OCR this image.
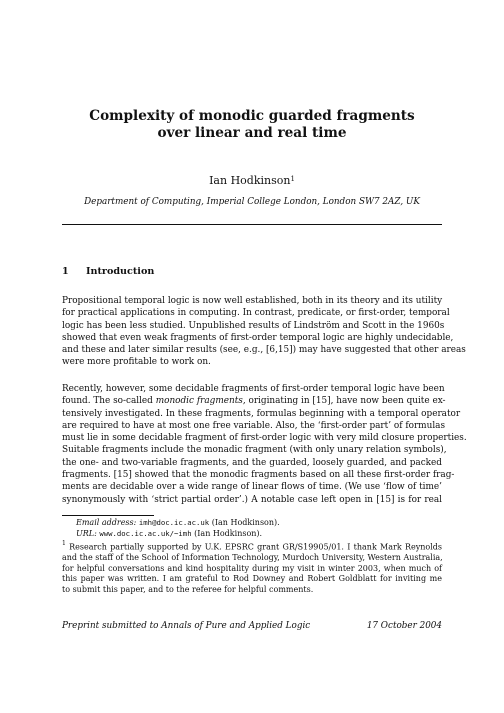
Complexity of monodic guarded fragments
over linear and real time
Ian Hodkinson$^1$
Department of Computing, Imperial College London, London SW7 2AZ, UK
1 Introduction
Propositional temporal logic is now well established, both in its theory and its utility
for practical applications in computing. In contrast, predicate, or first-order, temporal
logic has been less studied. Unpublished results of Lindström and Scott in the 1960s
showed that even weak fragments of first-order temporal logic are highly undecidable,
and these and later similar results (see, e.g., [6,15]) may have suggested that other areas
were more profitable to work on.
Recently, however, some decidable fragments of first-order temporal logic have been
found. The so-called monodic fragments, originating in [15], have now been quite ex-
tensively investigated. In these fragments, formulas beginning with a temporal operator
are required to have at most one free variable. Also, the ‘first-order part’ of formulas
must lie in some decidable fragment of first-order logic with very mild closure properties.
Suitable fragments include the monadic fragment (with only unary relation symbols),
the one- and two-variable fragments, and the guarded, loosely guarded, and packed
fragments. [15] showed that the monodic fragments based on all these first-order frag-
ments are decidable over a wide range of linear flows of time. (We use ‘flow of time’
synonymously with ‘strict partial order’.) A notable case left open in [15] is for real
Email address: imh@doc.ic.ac.uk (Ian Hodkinson).
URL: www.doc.ic.ac.uk/~imh (Ian Hodkinson).
$^1$ Research partially supported by U.K. EPSRC grant GR/S19905/01. I thank Mark Reynolds
and the staff of the School of Information Technology, Murdoch University, Western Australia,
for helpful conversations and kind hospitality during my visit in winter 2003, when much of
this paper was written. I am grateful to Rod Downey and Robert Goldblatt for inviting me
to submit this paper, and to the referee for helpful comments.
Preprint submitted to Annals of Pure and Applied Logic	17 October 2004
